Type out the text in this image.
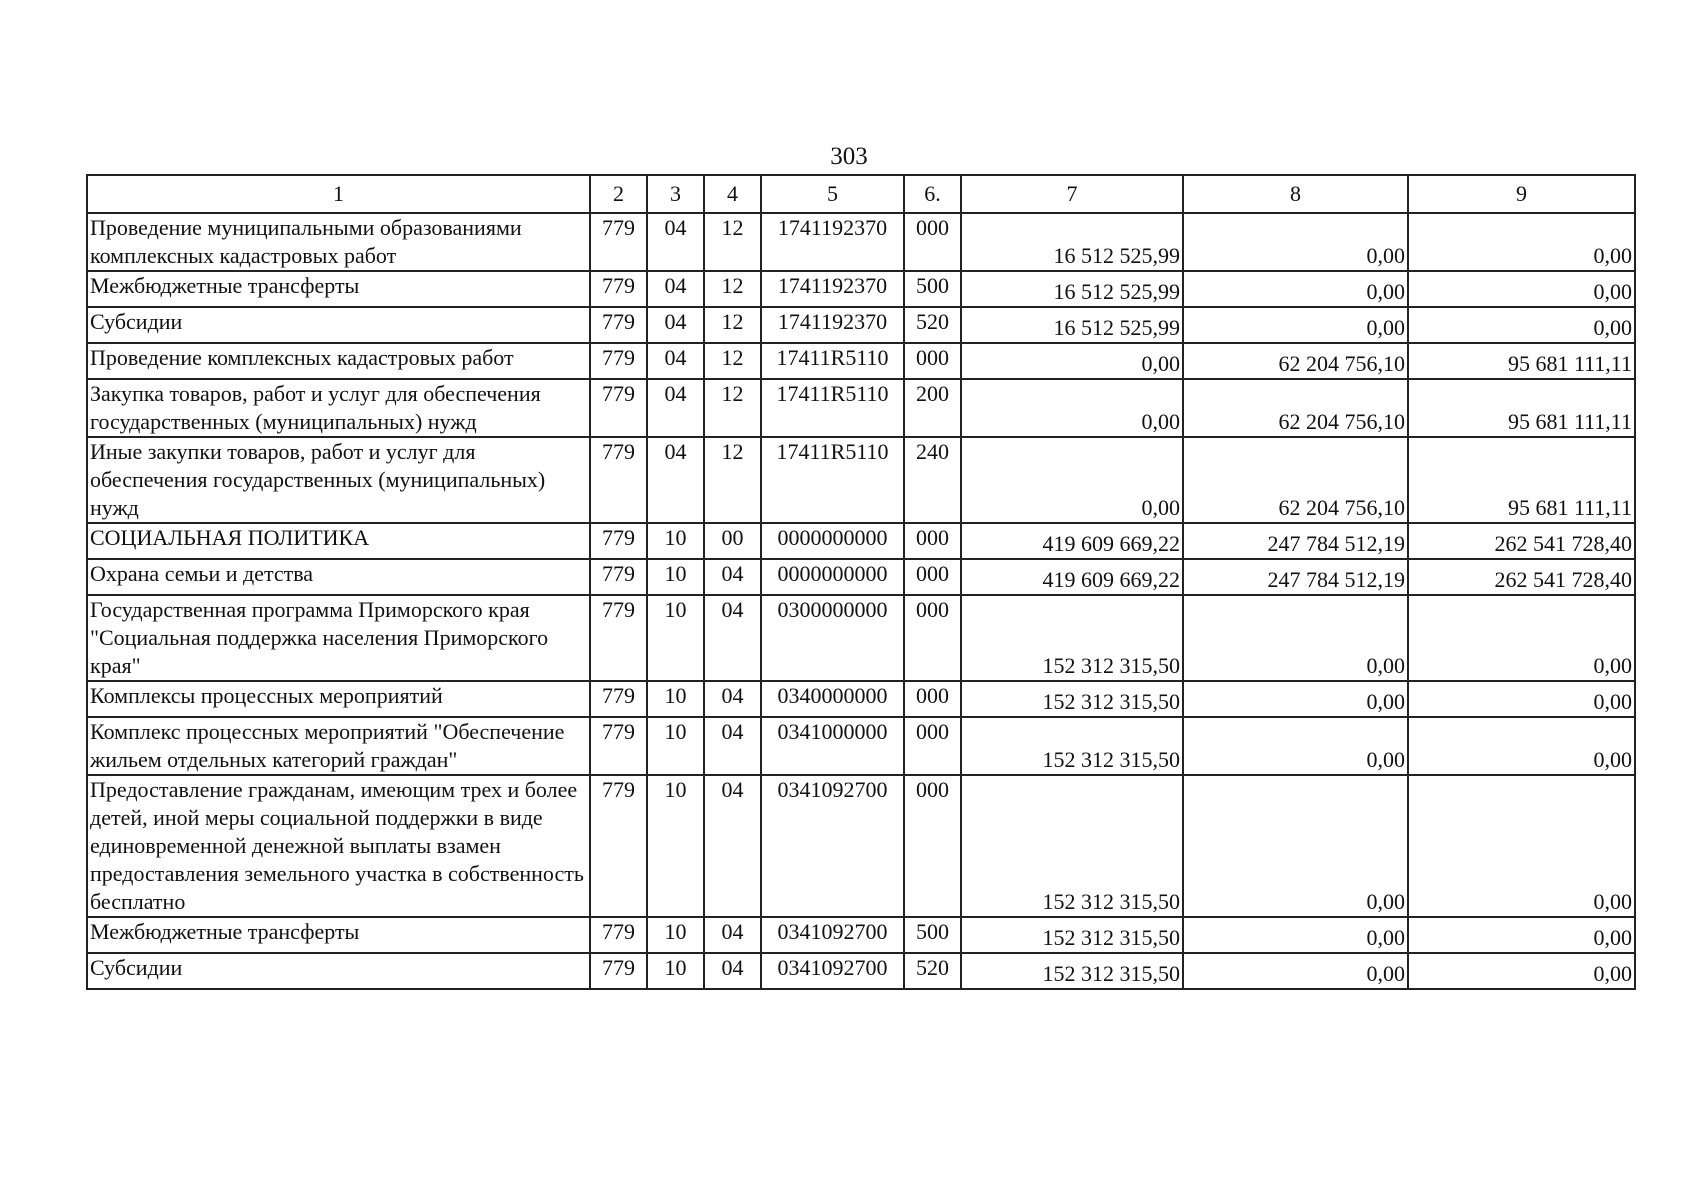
303
1	2	3	4	5	6.	7	8	9
Проведение муниципальными образованиями комплексных кадастровых работ	779	04	12	1741192370	000	16 512 525,99	0,00	0,00
Межбюджетные трансферты	779	04	12	1741192370	500	16 512 525,99	0,00	0,00
Субсидии	779	04	12	1741192370	520	16 512 525,99	0,00	0,00
Проведение комплексных кадастровых работ	779	04	12	17411R5110	000	0,00	62 204 756,10	95 681 111,11
Закупка товаров, работ и услуг для обеспечения государственных (муниципальных) нужд	779	04	12	17411R5110	200	0,00	62 204 756,10	95 681 111,11
Иные закупки товаров, работ и услуг для обеспечения государственных (муниципальных) нужд	779	04	12	17411R5110	240	0,00	62 204 756,10	95 681 111,11
СОЦИАЛЬНАЯ ПОЛИТИКА	779	10	00	0000000000	000	419 609 669,22	247 784 512,19	262 541 728,40
Охрана семьи и детства	779	10	04	0000000000	000	419 609 669,22	247 784 512,19	262 541 728,40
Государственная программа Приморского края "Социальная поддержка населения Приморского края"	779	10	04	0300000000	000	152 312 315,50	0,00	0,00
Комплексы процессных мероприятий	779	10	04	0340000000	000	152 312 315,50	0,00	0,00
Комплекс процессных мероприятий "Обеспечение жильем отдельных категорий граждан"	779	10	04	0341000000	000	152 312 315,50	0,00	0,00
Предоставление гражданам, имеющим трех и более детей, иной меры социальной поддержки в виде единовременной денежной выплаты взамен предоставления земельного участка в собственность бесплатно	779	10	04	0341092700	000	152 312 315,50	0,00	0,00
Межбюджетные трансферты	779	10	04	0341092700	500	152 312 315,50	0,00	0,00
Субсидии	779	10	04	0341092700	520	152 312 315,50	0,00	0,00
